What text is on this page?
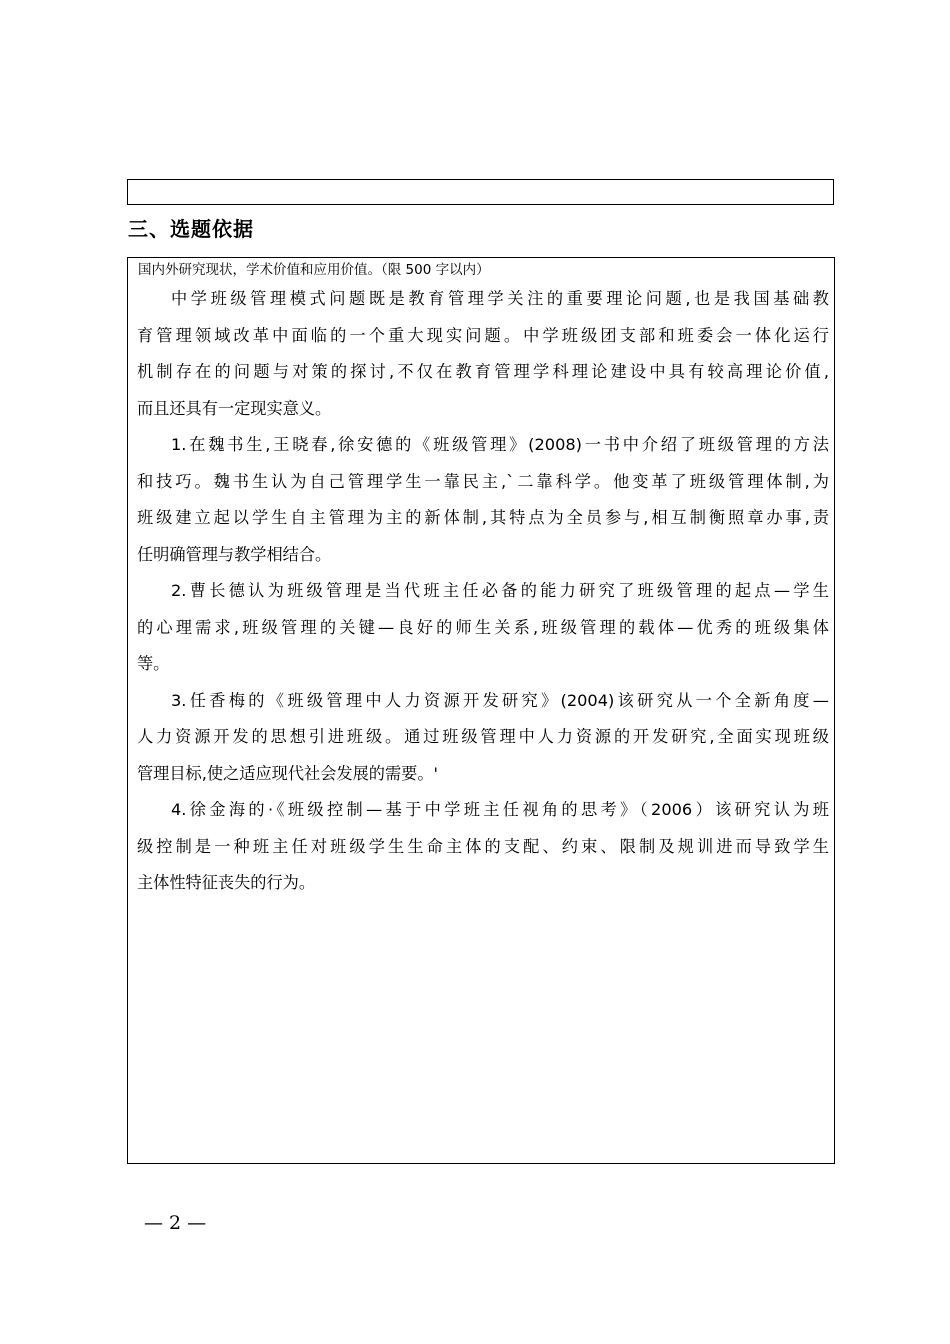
三、选题依据
国内外研究现状，学术价值和应用价值。（限 500 字以内）
中学班级管理模式问题既是教育管理学关注的重要理论问题,也是我国基础教
育管理领域改革中面临的一个重大现实问题。中学班级团支部和班委会一体化运行
机制存在的问题与对策的探讨,不仅在教育管理学科理论建设中具有较高理论价值,
而且还具有一定现实意义。
1.在魏书生,王晓春,徐安德的《班级管理》(2008)一书中介绍了班级管理的方法
和技巧。魏书生认为自己管理学生一靠民主,`二靠科学。他变革了班级管理体制,为
班级建立起以学生自主管理为主的新体制,其特点为全员参与,相互制衡照章办事,责
任明确管理与教学相结合。
2.曹长德认为班级管理是当代班主任必备的能力研究了班级管理的起点—学生
的心理需求,班级管理的关键—良好的师生关系,班级管理的载体—优秀的班级集体
等。
3.任香梅的《班级管理中人力资源开发研究》(2004)该研究从一个全新角度—
人力资源开发的思想引进班级。通过班级管理中人力资源的开发研究,全面实现班级
管理目标,使之适应现代社会发展的需要。'
4.徐金海的·《班级控制—基于中学班主任视角的思考》（2006）该研究认为班
级控制是一种班主任对班级学生生命主体的支配、约束、限制及规训进而导致学生
主体性特征丧失的行为。
— 2 —
